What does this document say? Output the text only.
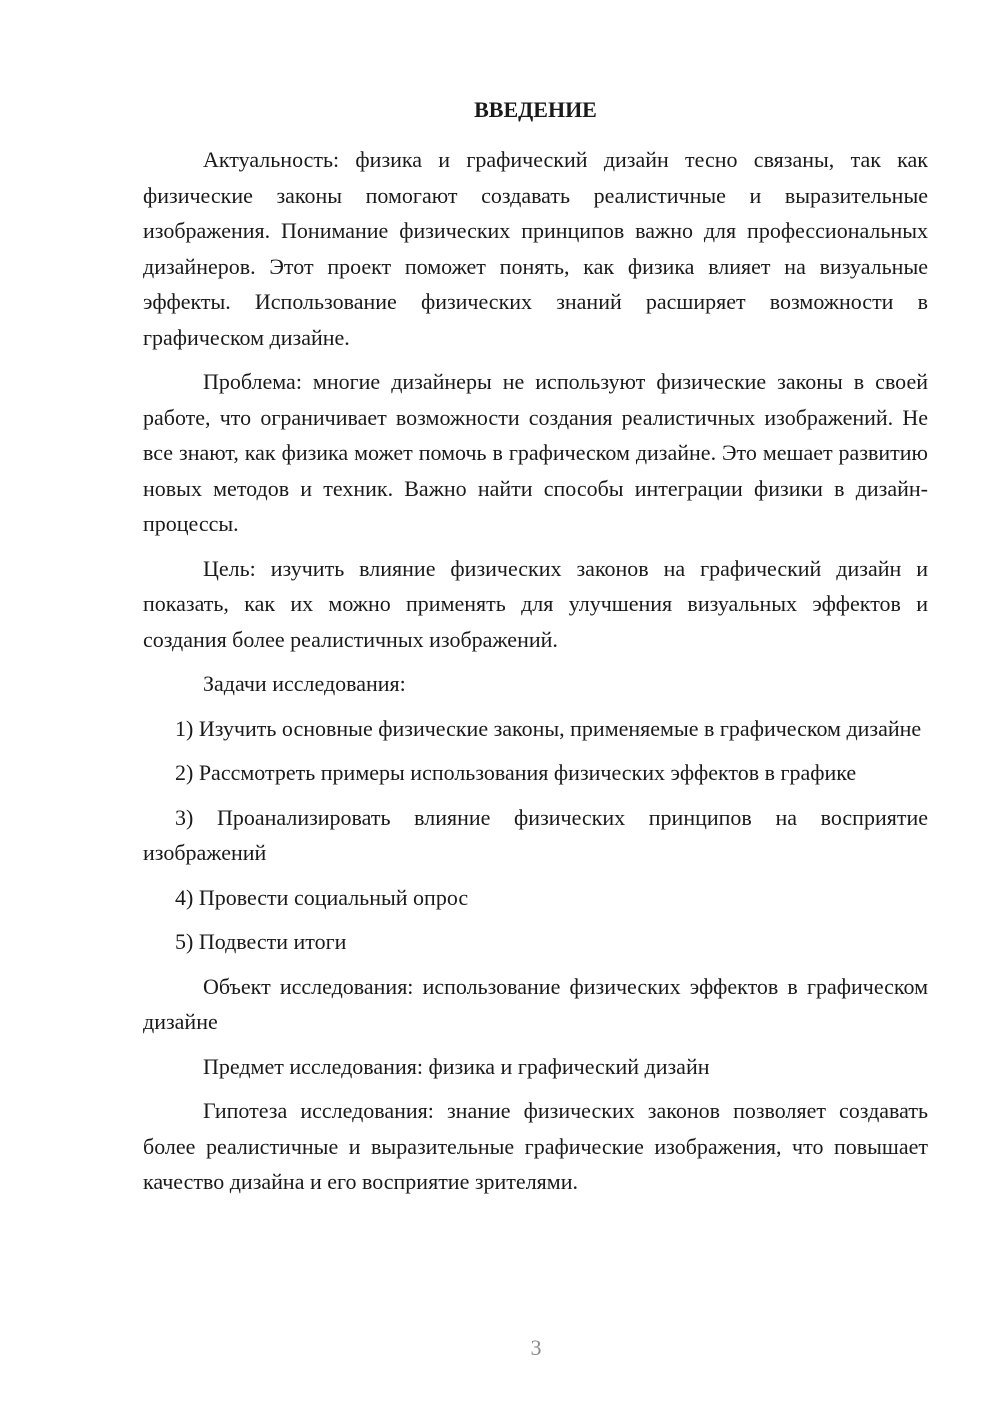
ВВЕДЕНИЕ

Актуальность: физика и графический дизайн тесно связаны, так как физические законы помогают создавать реалистичные и выразительные изображения. Понимание физических принципов важно для профессиональных дизайнеров. Этот проект поможет понять, как физика влияет на визуальные эффекты. Использование физических знаний расширяет возможности в графическом дизайне.

Проблема: многие дизайнеры не используют физические законы в своей работе, что ограничивает возможности создания реалистичных изображений. Не все знают, как физика может помочь в графическом дизайне. Это мешает развитию новых методов и техник. Важно найти способы интеграции физики в дизайн-процессы.

Цель: изучить влияние физических законов на графический дизайн и показать, как их можно применять для улучшения визуальных эффектов и создания более реалистичных изображений.

Задачи исследования:

1) Изучить основные физические законы, применяемые в графическом дизайне

2) Рассмотреть примеры использования физических эффектов в графике

3) Проанализировать влияние физических принципов на восприятие изображений

4) Провести социальный опрос

5) Подвести итоги

Объект исследования: использование физических эффектов в графическом дизайне

Предмет исследования: физика и графический дизайн

Гипотеза исследования: знание физических законов позволяет создавать более реалистичные и выразительные графические изображения, что повышает качество дизайна и его восприятие зрителями.

3
